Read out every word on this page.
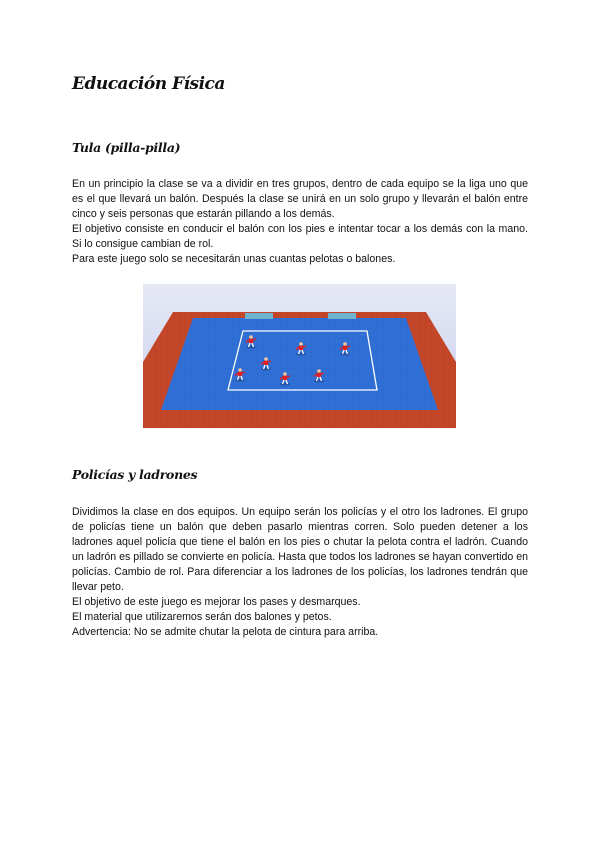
Educación Física
Tula (pilla-pilla)

En un principio la clase se va a dividir en tres grupos, dentro de cada equipo se la liga uno que es el que llevará un balón. Después la clase se unirá en un solo grupo y llevarán el balón entre cinco y seis personas que estarán pillando a los demás.

El objetivo consiste en conducir el balón con los pies e intentar tocar a los demás con la mano. Si lo consigue cambian de rol.

Para este juego solo se necesitarán unas cuantas pelotas o balones.

Policías y ladrones

Dividimos la clase en dos equipos. Un equipo serán los policías y el otro los ladrones. El grupo de policías tiene un balón que deben pasarlo mientras corren. Solo pueden detener a los ladrones aquel policía que tiene el balón en los pies o chutar la pelota contra el ladrón. Cuando un ladrón es pillado se convierte en policía. Hasta que todos los ladrones se hayan convertido en policías. Cambio de rol. Para diferenciar a los ladrones de los policías, los ladrones tendrán que llevar peto.

El objetivo de este juego es mejorar los pases y desmarques.

El material que utilizaremos serán dos balones y petos.

Advertencia: No se admite chutar la pelota de cintura para arriba.
